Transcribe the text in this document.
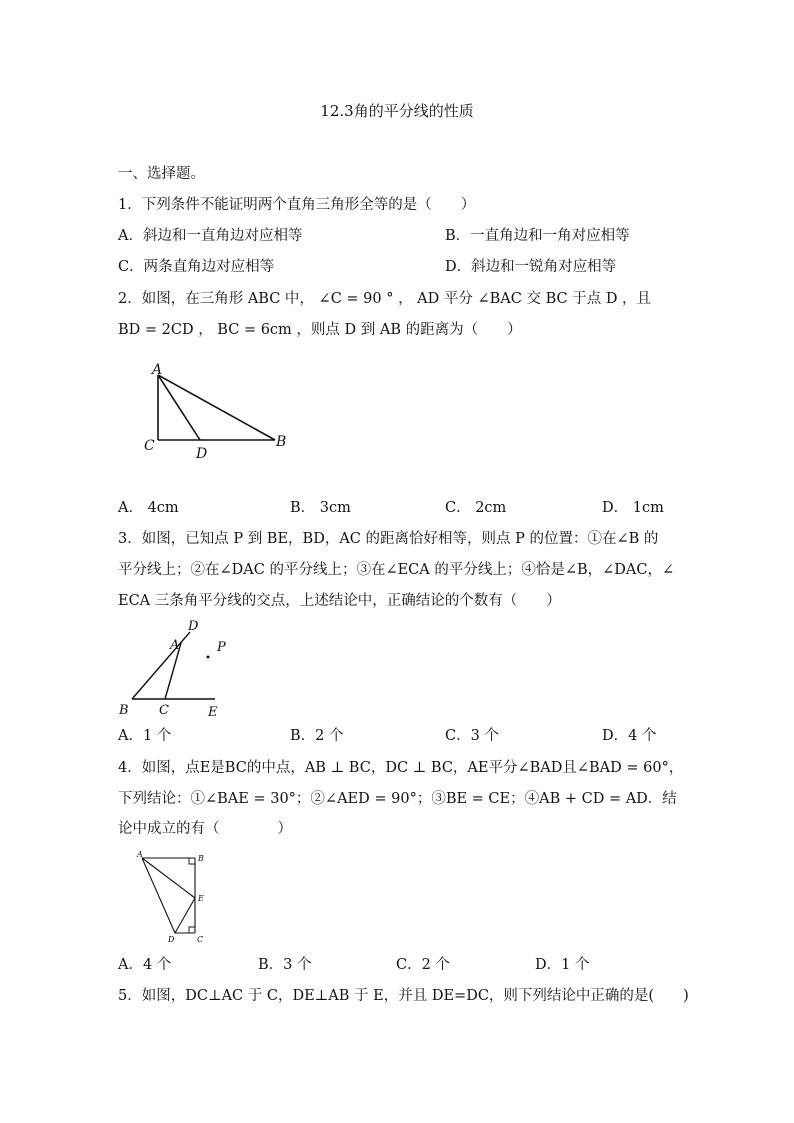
12.3角的平分线的性质
一、选择题。
1．下列条件不能证明两个直角三角形全等的是（　　）
A．斜边和一直角边对应相等	B．一直角边和一角对应相等
C．两条直角边对应相等	D．斜边和一锐角对应相等
2．如图，在三角形 ABC 中， ∠C = 90 ° ， AD 平分 ∠BAC 交 BC 于点 D ，且
BD = 2CD ， BC = 6cm ，则点 D 到 AB 的距离为（　　）
A
C	D
B
A． 4cm	B． 3cm	C． 2cm	D． 1cm
3．如图，已知点 P 到 BE，BD，AC 的距离恰好相等，则点 P 的位置：①在∠B 的
平分线上；②在∠DAC 的平分线上；③在∠ECA 的平分线上；④恰是∠B，∠DAC，∠
ECA 三条角平分线的交点，上述结论中，正确结论的个数有（　　）
D
A	P
B C	E
A．1 个	B．2 个	C．3 个	D．4 个
4．如图，点E是BC的中点，AB ⊥ BC，DC ⊥ BC，AE平分∠BAD且∠BAD = 60°，
下列结论：①∠BAE = 30°；②∠AED = 90°；③BE = CE；④AB + CD = AD．结
论中成立的有（　　　　）
A	B
E
D	C
A．4 个	B．3 个	C．2 个	D．1 个
5．如图，DC⊥AC 于 C，DE⊥AB 于 E，并且 DE=DC，则下列结论中正确的是(　　)
